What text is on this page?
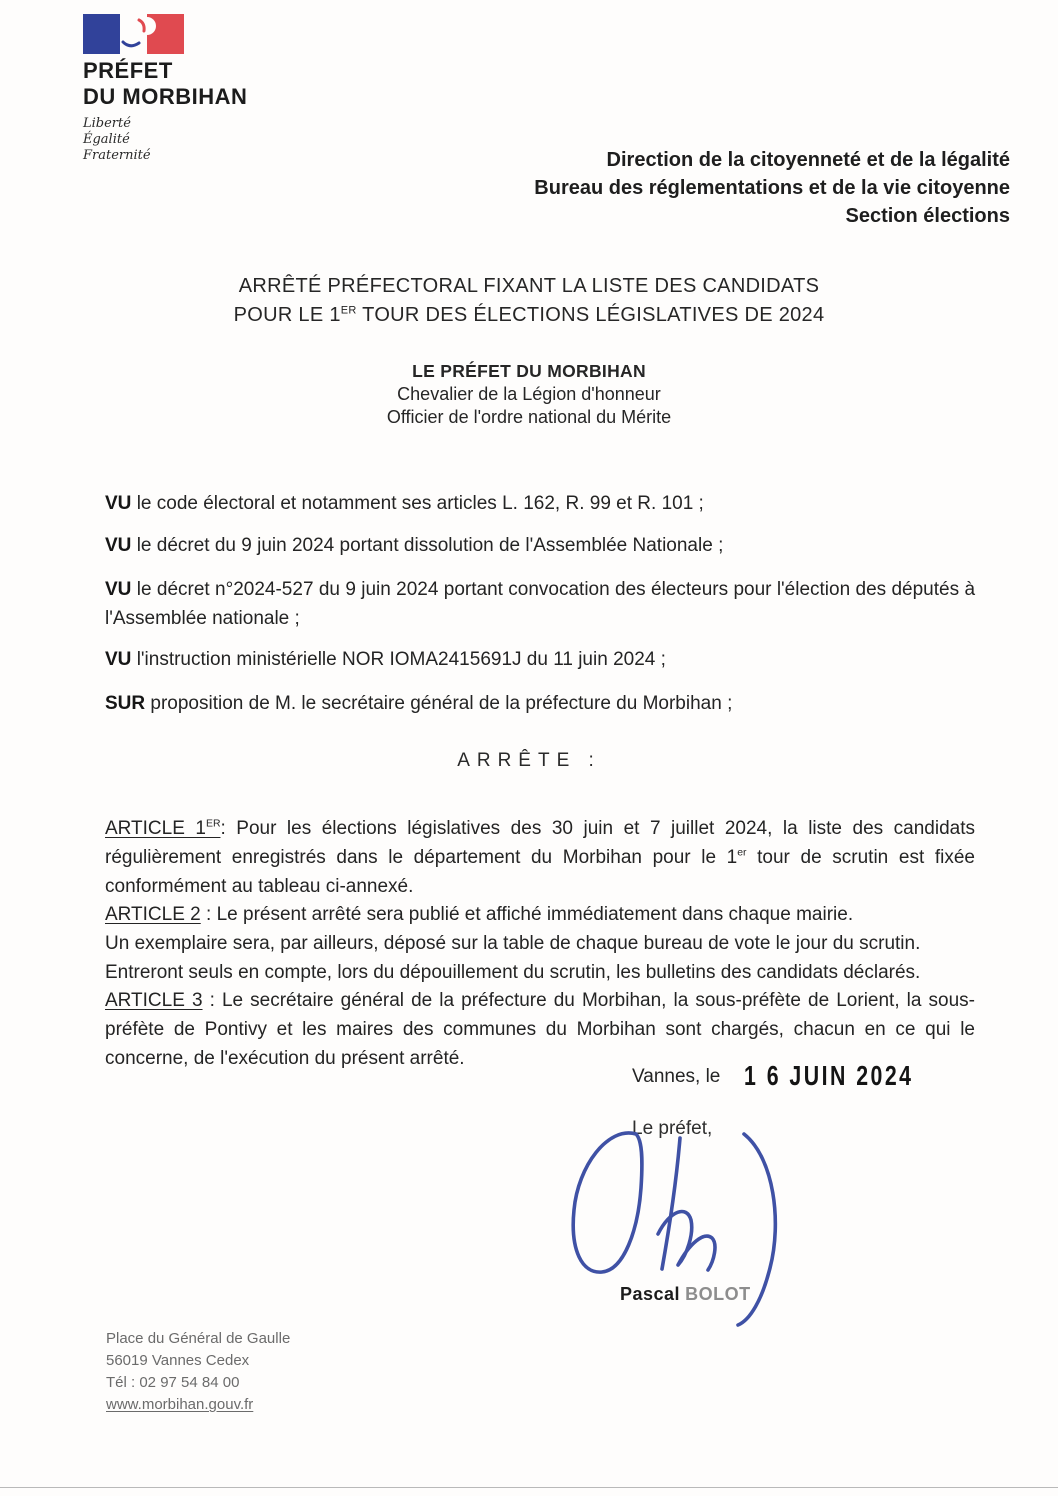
PRÉFET
DU MORBIHAN
Liberté
Égalité
Fraternité	Direction de la citoyenneté et de la légalité
Bureau des réglementations et de la vie citoyenne
Section élections
ARRÊTÉ PRÉFECTORAL FIXANT LA LISTE DES CANDIDATS
POUR LE 1ER TOUR DES ÉLECTIONS LÉGISLATIVES DE 2024
LE PRÉFET DU MORBIHAN
Chevalier de la Légion d'honneur
Officier de l'ordre national du Mérite

VU le code électoral et notamment ses articles L. 162, R. 99 et R. 101 ;

VU le décret du 9 juin 2024 portant dissolution de l'Assemblée Nationale ;

VU le décret n°2024-527 du 9 juin 2024 portant convocation des électeurs pour l'élection des députés à l'Assemblée nationale ;

VU l'instruction ministérielle NOR IOMA2415691J du 11 juin 2024 ;

SUR proposition de M. le secrétaire général de la préfecture du Morbihan ;

ARRÊTE :

ARTICLE 1ER: Pour les élections législatives des 30 juin et 7 juillet 2024, la liste des candidats régulièrement enregistrés dans le département du Morbihan pour le 1er tour de scrutin est fixée conformément au tableau ci-annexé.

ARTICLE 2 : Le présent arrêté sera publié et affiché immédiatement dans chaque mairie.
Un exemplaire sera, par ailleurs, déposé sur la table de chaque bureau de vote le jour du scrutin.
Entreront seuls en compte, lors du dépouillement du scrutin, les bulletins des candidats déclarés.

ARTICLE 3 : Le secrétaire général de la préfecture du Morbihan, la sous-préfète de Lorient, la sous-préfète de Pontivy et les maires des communes du Morbihan sont chargés, chacun en ce qui le concerne, de l'exécution du présent arrêté.

Vannes, le 1 6 JUIN 2024
Le préfet,
Pascal BOLOT
Place du Général de Gaulle
56019 Vannes Cedex
Tél : 02 97 54 84 00
www.morbihan.gouv.fr
